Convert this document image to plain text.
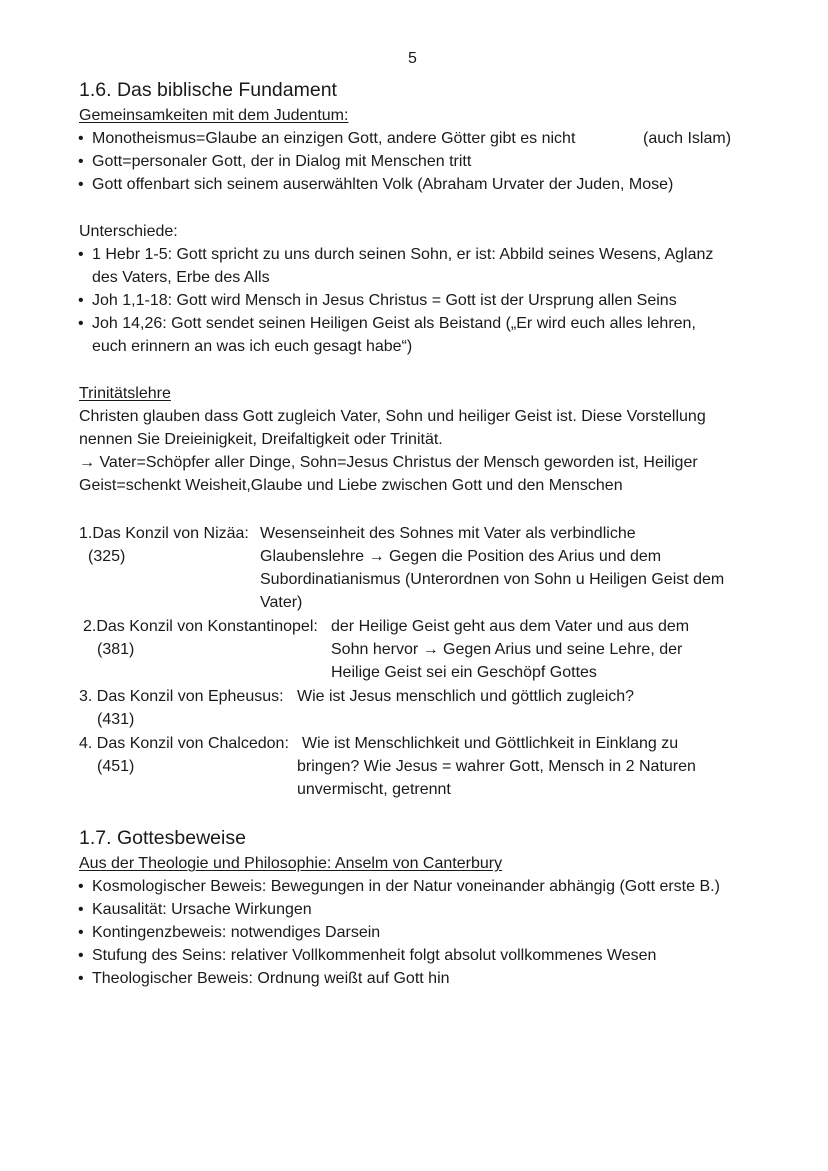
5
1.6. Das biblische Fundament
Gemeinsamkeiten mit dem Judentum:
• Monotheismus=Glaube an einzigen Gott, andere Götter gibt es nicht	(auch Islam)
• Gott=personaler Gott, der in Dialog mit Menschen tritt
• Gott offenbart sich seinem auserwählten Volk (Abraham Urvater der Juden, Mose)
Unterschiede:
• 1 Hebr 1-5: Gott spricht zu uns durch seinen Sohn, er ist: Abbild seines Wesens, Aglanz
des Vaters, Erbe des Alls
• Joh 1,1-18: Gott wird Mensch in Jesus Christus = Gott ist der Ursprung allen Seins
• Joh 14,26: Gott sendet seinen Heiligen Geist als Beistand („Er wird euch alles lehren,
euch erinnern an was ich euch gesagt habe“)
Trinitätslehre
Christen glauben dass Gott zugleich Vater, Sohn und heiliger Geist ist. Diese Vorstellung
nennen Sie Dreieinigkeit, Dreifaltigkeit oder Trinität.
→ Vater=Schöpfer aller Dinge, Sohn=Jesus Christus der Mensch geworden ist, Heiliger
Geist=schenkt Weisheit,Glaube und Liebe zwischen Gott und den Menschen
1.Das Konzil von Nizäa: Wesenseinheit des Sohnes mit Vater als verbindliche
(325)	Glaubenslehre → Gegen die Position des Arius und dem
Subordinatianismus (Unterordnen von Sohn u Heiligen Geist dem
Vater)
2.Das Konzil von Konstantinopel: der Heilige Geist geht aus dem Vater und aus dem
(381)	Sohn hervor → Gegen Arius und seine Lehre, der
Heilige Geist sei ein Geschöpf Gottes
3. Das Konzil von Epheusus: Wie ist Jesus menschlich und göttlich zugleich?
(431)
4. Das Konzil von Chalcedon: Wie ist Menschlichkeit und Göttlichkeit in Einklang zu
(451)	bringen? Wie Jesus = wahrer Gott, Mensch in 2 Naturen
unvermischt, getrennt
1.7. Gottesbeweise
Aus der Theologie und Philosophie: Anselm von Canterbury
• Kosmologischer Beweis: Bewegungen in der Natur voneinander abhängig (Gott erste B.)
• Kausalität: Ursache Wirkungen
• Kontingenzbeweis: notwendiges Darsein
• Stufung des Seins: relativer Vollkommenheit folgt absolut vollkommenes Wesen
• Theologischer Beweis: Ordnung weißt auf Gott hin
